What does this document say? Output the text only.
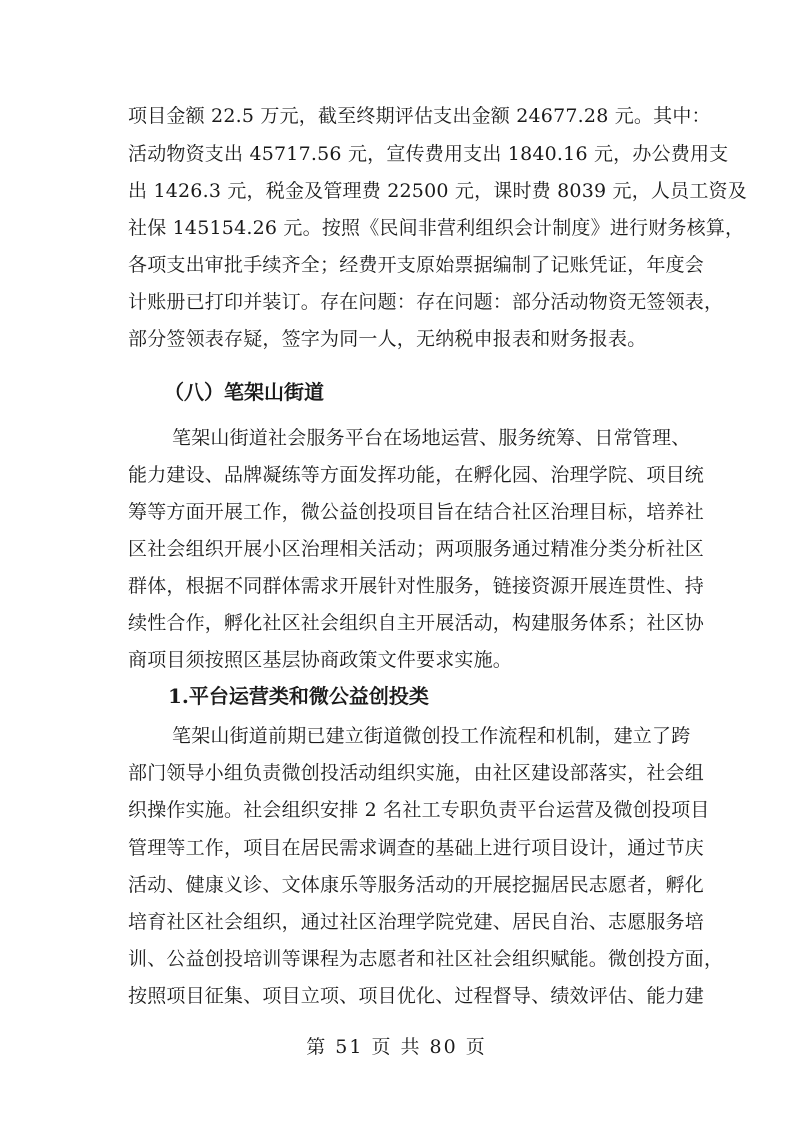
项目金额 22.5 万元，截至终期评估支出金额 24677.28 元。其中：
活动物资支出 45717.56 元，宣传费用支出 1840.16 元，办公费用支
出 1426.3 元，税金及管理费 22500 元，课时费 8039 元，人员工资及
社保 145154.26 元。按照《民间非营利组织会计制度》进行财务核算，
各项支出审批手续齐全；经费开支原始票据编制了记账凭证，年度会
计账册已打印并装订。存在问题：存在问题：部分活动物资无签领表，
部分签领表存疑，签字为同一人，无纳税申报表和财务报表。
（八）笔架山街道
笔架山街道社会服务平台在场地运营、服务统筹、日常管理、
能力建设、品牌凝练等方面发挥功能，在孵化园、治理学院、项目统
筹等方面开展工作，微公益创投项目旨在结合社区治理目标，培养社
区社会组织开展小区治理相关活动；两项服务通过精准分类分析社区
群体，根据不同群体需求开展针对性服务，链接资源开展连贯性、持
续性合作，孵化社区社会组织自主开展活动，构建服务体系；社区协
商项目须按照区基层协商政策文件要求实施。
1.平台运营类和微公益创投类
笔架山街道前期已建立街道微创投工作流程和机制，建立了跨
部门领导小组负责微创投活动组织实施，由社区建设部落实，社会组
织操作实施。社会组织安排 2 名社工专职负责平台运营及微创投项目
管理等工作，项目在居民需求调查的基础上进行项目设计，通过节庆
活动、健康义诊、文体康乐等服务活动的开展挖掘居民志愿者，孵化
培育社区社会组织，通过社区治理学院党建、居民自治、志愿服务培
训、公益创投培训等课程为志愿者和社区社会组织赋能。微创投方面，
按照项目征集、项目立项、项目优化、过程督导、绩效评估、能力建
第 51 页 共 80 页
